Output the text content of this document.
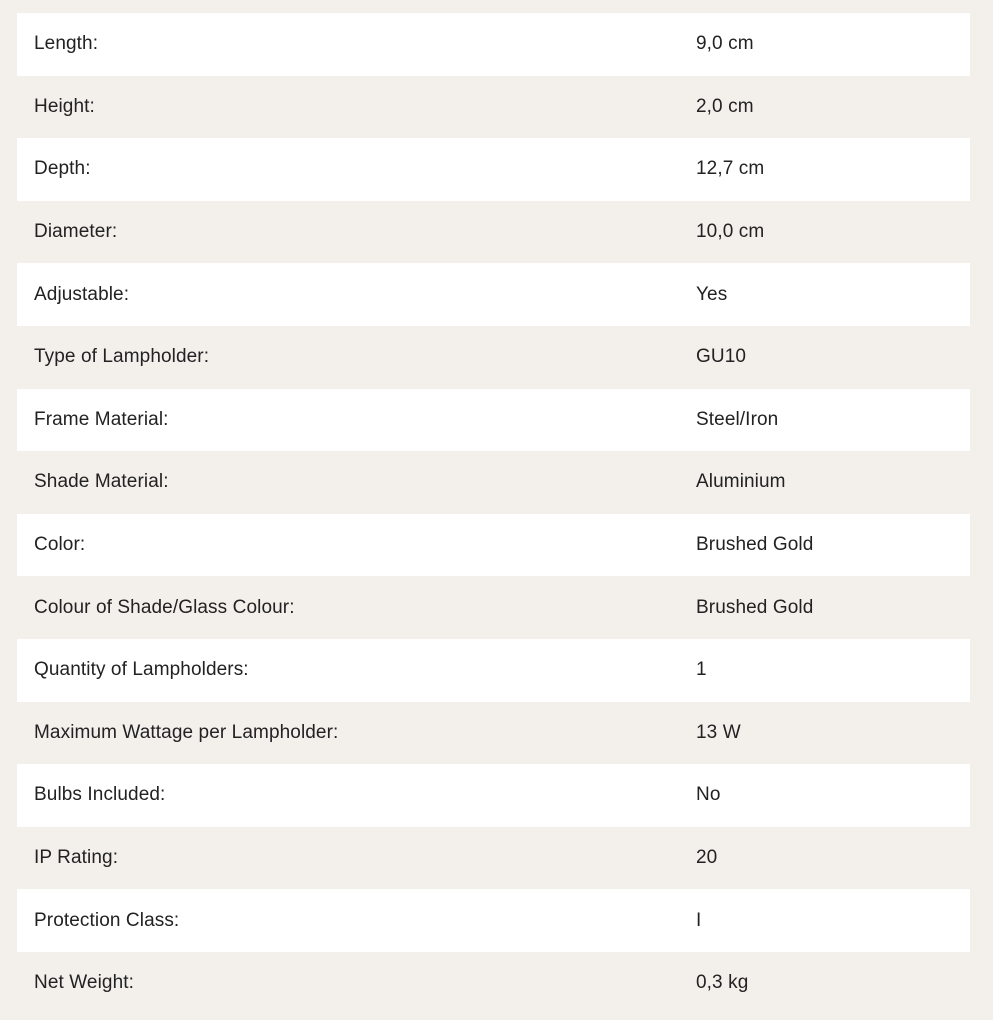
Length:	9,0 cm
Height:	2,0 cm
Depth:	12,7 cm
Diameter:	10,0 cm
Adjustable:	Yes
Type of Lampholder:	GU10
Frame Material:	Steel/Iron
Shade Material:	Aluminium
Color:	Brushed Gold
Colour of Shade/Glass Colour:	Brushed Gold
Quantity of Lampholders:	1
Maximum Wattage per Lampholder:	13 W
Bulbs Included:	No
IP Rating:	20
Protection Class:	I
Net Weight:	0,3 kg
